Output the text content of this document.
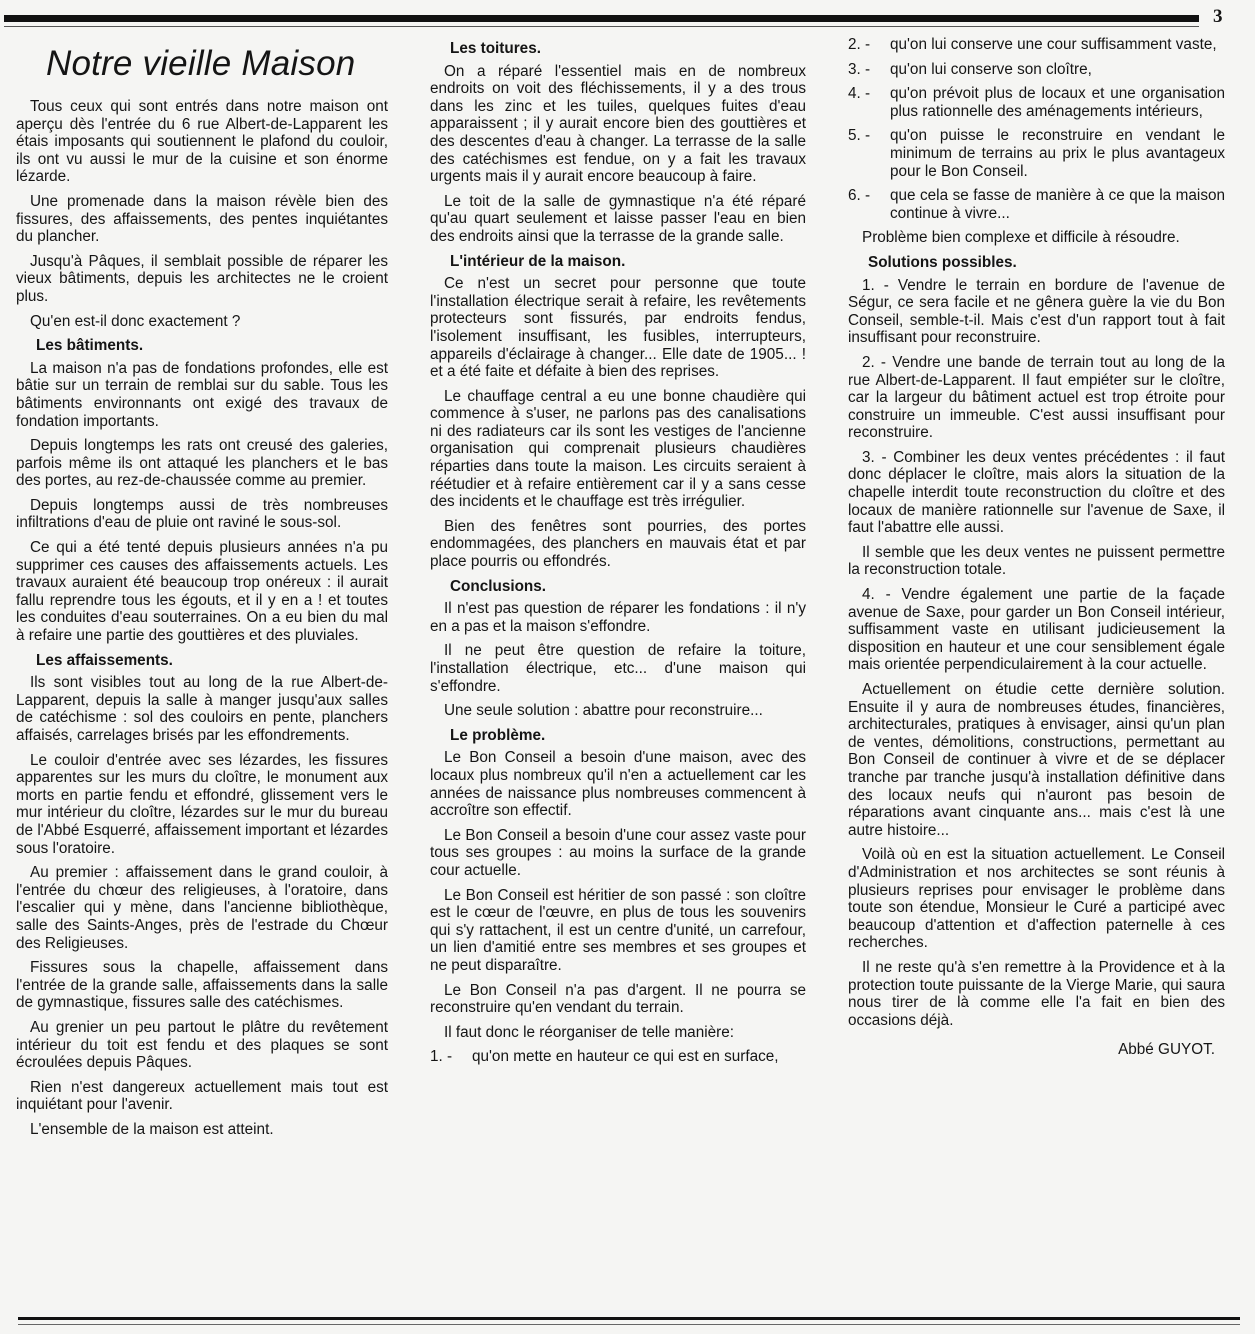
3
Notre vieille Maison

Tous ceux qui sont entrés dans notre maison ont aperçu dès l'entrée du 6 rue Albert-de-Lapparent les étais imposants qui soutiennent le plafond du couloir, ils ont vu aussi le mur de la cuisine et son énorme lézarde.

Une promenade dans la maison révèle bien des fissures, des affaissements, des pentes inquiétantes du plancher.

Jusqu'à Pâques, il semblait possible de réparer les vieux bâtiments, depuis les architectes ne le croient plus.

Qu'en est-il donc exactement ?

Les bâtiments.

La maison n'a pas de fondations profondes, elle est bâtie sur un terrain de remblai sur du sable. Tous les bâtiments environnants ont exigé des travaux de fondation importants.

Depuis longtemps les rats ont creusé des galeries, parfois même ils ont attaqué les planchers et le bas des portes, au rez-de-chaussée comme au premier.

Depuis longtemps aussi de très nombreuses infiltrations d'eau de pluie ont raviné le sous-sol.

Ce qui a été tenté depuis plusieurs années n'a pu supprimer ces causes des affaissements actuels. Les travaux auraient été beaucoup trop onéreux : il aurait fallu reprendre tous les égouts, et il y en a ! et toutes les conduites d'eau souterraines. On a eu bien du mal à refaire une partie des gouttières et des pluviales.

Les affaissements.

Ils sont visibles tout au long de la rue Albert-de-Lapparent, depuis la salle à manger jusqu'aux salles de catéchisme : sol des couloirs en pente, planchers affaisés, carrelages brisés par les effondrements.

Le couloir d'entrée avec ses lézardes, les fissures apparentes sur les murs du cloître, le monument aux morts en partie fendu et effondré, glissement vers le mur intérieur du cloître, lézardes sur le mur du bureau de l'Abbé Esquerré, affaissement important et lézardes sous l'oratoire.

Au premier : affaissement dans le grand couloir, à l'entrée du chœur des religieuses, à l'oratoire, dans l'escalier qui y mène, dans l'ancienne bibliothèque, salle des Saints-Anges, près de l'estrade du Chœur des Religieuses.

Fissures sous la chapelle, affaissement dans l'entrée de la grande salle, affaissements dans la salle de gymnastique, fissures salle des catéchismes.

Au grenier un peu partout le plâtre du revêtement intérieur du toit est fendu et des plaques se sont écroulées depuis Pâques.

Rien n'est dangereux actuellement mais tout est inquiétant pour l'avenir.

L'ensemble de la maison est atteint.

Les toitures.

On a réparé l'essentiel mais en de nombreux endroits on voit des fléchissements, il y a des trous dans les zinc et les tuiles, quelques fuites d'eau apparaissent ; il y aurait encore bien des gouttières et des descentes d'eau à changer. La terrasse de la salle des catéchismes est fendue, on y a fait les travaux urgents mais il y aurait encore beaucoup à faire.

Le toit de la salle de gymnastique n'a été réparé qu'au quart seulement et laisse passer l'eau en bien des endroits ainsi que la terrasse de la grande salle.

L'intérieur de la maison.

Ce n'est un secret pour personne que toute l'installation électrique serait à refaire, les revêtements protecteurs sont fissurés, par endroits fendus, l'isolement insuffisant, les fusibles, interrupteurs, appareils d'éclairage à changer... Elle date de 1905... ! et a été faite et défaite à bien des reprises.

Le chauffage central a eu une bonne chaudière qui commence à s'user, ne parlons pas des canalisations ni des radiateurs car ils sont les vestiges de l'ancienne organisation qui comprenait plusieurs chaudières réparties dans toute la maison. Les circuits seraient à réétudier et à refaire entièrement car il y a sans cesse des incidents et le chauffage est très irrégulier.

Bien des fenêtres sont pourries, des portes endommagées, des planchers en mauvais état et par place pourris ou effondrés.

Conclusions.

Il n'est pas question de réparer les fondations : il n'y en a pas et la maison s'effondre.

Il ne peut être question de refaire la toiture, l'installation électrique, etc... d'une maison qui s'effondre.

Une seule solution : abattre pour reconstruire...

Le problème.

Le Bon Conseil a besoin d'une maison, avec des locaux plus nombreux qu'il n'en a actuellement car les années de naissance plus nombreuses commencent à accroître son effectif.

Le Bon Conseil a besoin d'une cour assez vaste pour tous ses groupes : au moins la surface de la grande cour actuelle.

Le Bon Conseil est héritier de son passé : son cloître est le cœur de l'œuvre, en plus de tous les souvenirs qui s'y rattachent, il est un centre d'unité, un carrefour, un lien d'amitié entre ses membres et ses groupes et ne peut disparaître.

Le Bon Conseil n'a pas d'argent. Il ne pourra se reconstruire qu'en vendant du terrain.

Il faut donc le réorganiser de telle manière:

1. - qu'on mette en hauteur ce qui est en surface,
2. - qu'on lui conserve une cour suffisamment vaste,
3. - qu'on lui conserve son cloître,
4. - qu'on prévoit plus de locaux et une organisation plus rationnelle des aménagements intérieurs,
5. - qu'on puisse le reconstruire en vendant le minimum de terrains au prix le plus avantageux pour le Bon Conseil.
6. - que cela se fasse de manière à ce que la maison continue à vivre...

Problème bien complexe et difficile à résoudre.

Solutions possibles.

1. - Vendre le terrain en bordure de l'avenue de Ségur, ce sera facile et ne gênera guère la vie du Bon Conseil, semble-t-il. Mais c'est d'un rapport tout à fait insuffisant pour reconstruire.

2. - Vendre une bande de terrain tout au long de la rue Albert-de-Lapparent. Il faut empiéter sur le cloître, car la largeur du bâtiment actuel est trop étroite pour construire un immeuble. C'est aussi insuffisant pour reconstruire.

3. - Combiner les deux ventes précédentes : il faut donc déplacer le cloître, mais alors la situation de la chapelle interdit toute reconstruction du cloître et des locaux de manière rationnelle sur l'avenue de Saxe, il faut l'abattre elle aussi.

Il semble que les deux ventes ne puissent permettre la reconstruction totale.

4. - Vendre également une partie de la façade avenue de Saxe, pour garder un Bon Conseil intérieur, suffisamment vaste en utilisant judicieusement la disposition en hauteur et une cour sensiblement égale mais orientée perpendiculairement à la cour actuelle.

Actuellement on étudie cette dernière solution. Ensuite il y aura de nombreuses études, financières, architecturales, pratiques à envisager, ainsi qu'un plan de ventes, démolitions, constructions, permettant au Bon Conseil de continuer à vivre et de se déplacer tranche par tranche jusqu'à installation définitive dans des locaux neufs qui n'auront pas besoin de réparations avant cinquante ans... mais c'est là une autre histoire...

Voilà où en est la situation actuellement. Le Conseil d'Administration et nos architectes se sont réunis à plusieurs reprises pour envisager le problème dans toute son étendue, Monsieur le Curé a participé avec beaucoup d'attention et d'affection paternelle à ces recherches.

Il ne reste qu'à s'en remettre à la Providence et à la protection toute puissante de la Vierge Marie, qui saura nous tirer de là comme elle l'a fait en bien des occasions déjà.

Abbé GUYOT.
